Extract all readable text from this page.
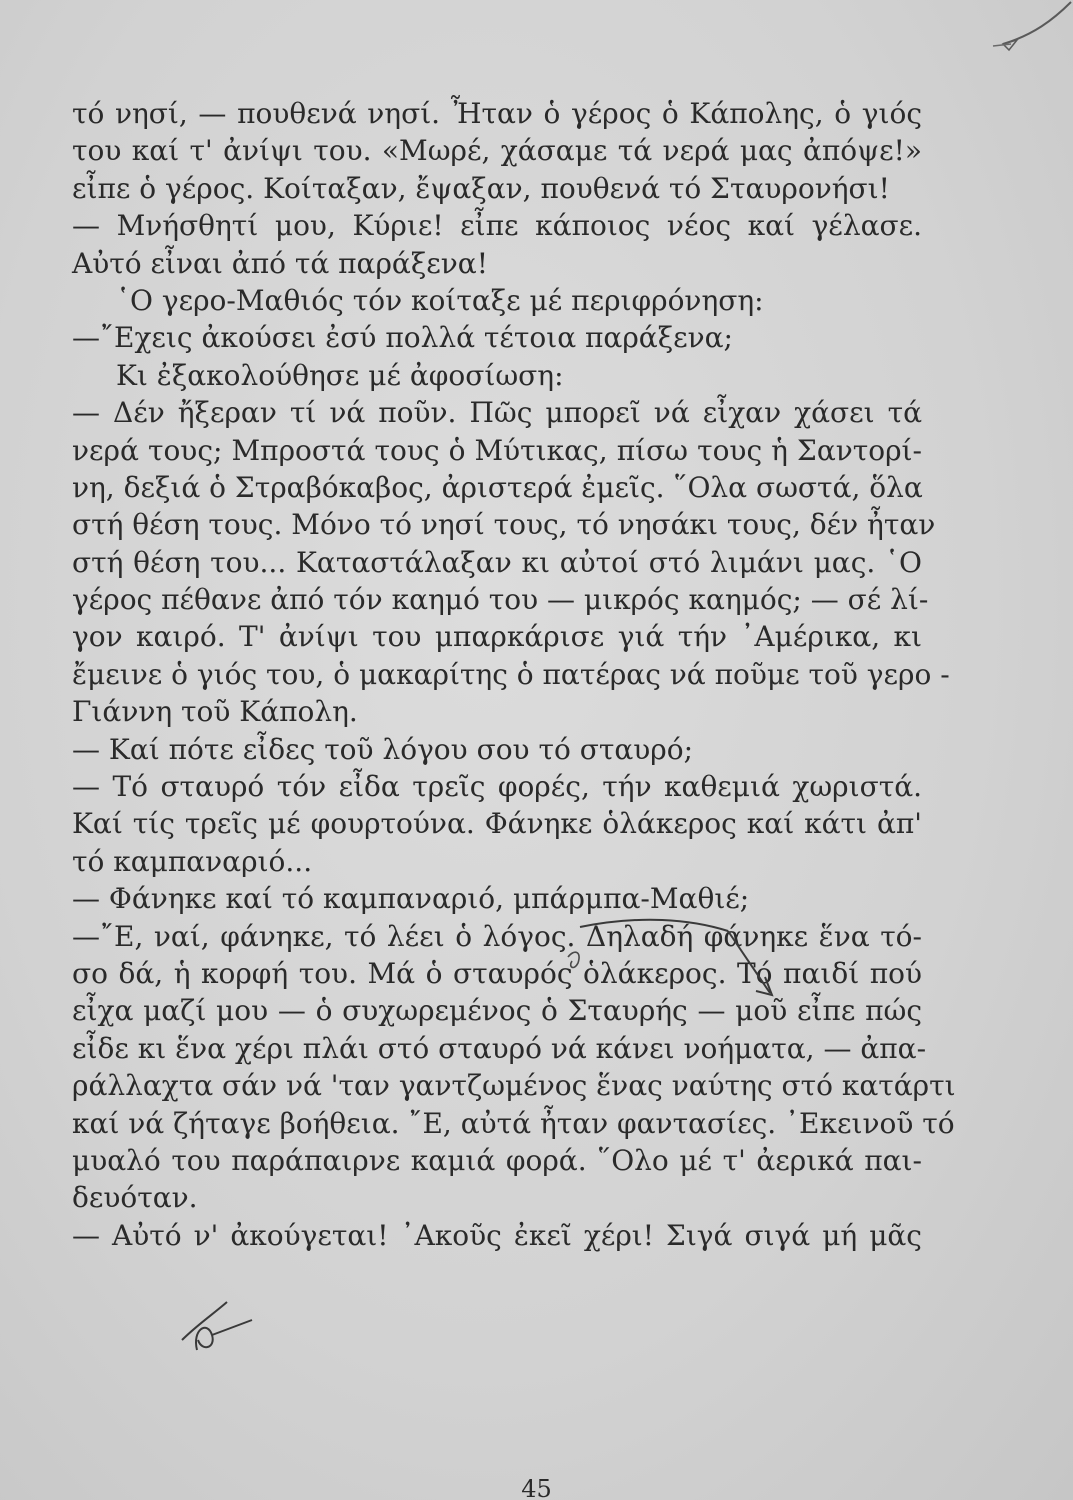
τό νησί, — πουθενά νησί. Ἦταν ὁ γέρος ὁ Κάπολης, ὁ γιός
του καί τ' ἀνίψι του. «Μωρέ, χάσαμε τά νερά μας ἀπόψε!»
εἶπε ὁ γέρος. Κοίταξαν, ἔψαξαν, πουθενά τό Σταυρονήσι!
— Μνήσθητί μου, Κύριε! εἶπε κάποιος νέος καί γέλασε.
Αὐτό εἶναι ἀπό τά παράξενα!
῾Ο γερο-Μαθιός τόν κοίταξε μέ περιφρόνηση:
—῎Εχεις ἀκούσει ἐσύ πολλά τέτοια παράξενα;
Κι ἐξακολούθησε μέ ἀφοσίωση:
— Δέν ἤξεραν τί νά ποῦν. Πῶς μπορεῖ νά εἶχαν χάσει τά
νερά τους; Μπροστά τους ὁ Μύτικας, πίσω τους ἡ Σαντορί-
νη, δεξιά ὁ Στραβόκαβος, ἀριστερά ἐμεῖς. ῞Ολα σωστά, ὅλα
στή θέση τους. Μόνο τό νησί τους, τό νησάκι τους, δέν ἦταν
στή θέση του... Καταστάλαξαν κι αὐτοί στό λιμάνι μας. ῾Ο
γέρος πέθανε ἀπό τόν καημό του — μικρός καημός; — σέ λί-
γον καιρό. Τ' ἀνίψι του μπαρκάρισε γιά τήν ᾿Αμέρικα, κι
ἔμεινε ὁ γιός του, ὁ μακαρίτης ὁ πατέρας νά ποῦμε τοῦ γερο -
Γιάννη τοῦ Κάπολη.
— Καί πότε εἶδες τοῦ λόγου σου τό σταυρό;
— Τό σταυρό τόν εἶδα τρεῖς φορές, τήν καθεμιά χωριστά.
Καί τίς τρεῖς μέ φουρτούνα. Φάνηκε ὁλάκερος καί κάτι ἀπ'
τό καμπαναριό...
— Φάνηκε καί τό καμπαναριό, μπάρμπα-Μαθιέ;
—῎Ε, ναί, φάνηκε, τό λέει ὁ λόγος. Δηλαδή φάνηκε ἕνα τό-
σο δά, ἡ κορφή του. Μά ὁ σταυρός ὁλάκερος. Τό παιδί πού
εἶχα μαζί μου — ὁ συχωρεμένος ὁ Σταυρής — μοῦ εἶπε πώς
εἶδε κι ἕνα χέρι πλάι στό σταυρό νά κάνει νοήματα, — ἀπα-
ράλλαχτα σάν νά 'ταν γαντζωμένος ἕνας ναύτης στό κατάρτι
καί νά ζήταγε βοήθεια. ῎Ε, αὐτά ἦταν φαντασίες. ᾿Εκεινοῦ τό
μυαλό του παράπαιρνε καμιά φορά. ῞Ολο μέ τ' ἀερικά παι-
δευόταν.
— Αὐτό ν' ἀκούγεται! ᾿Ακοῦς ἐκεῖ χέρι! Σιγά σιγά μή μᾶς
45
